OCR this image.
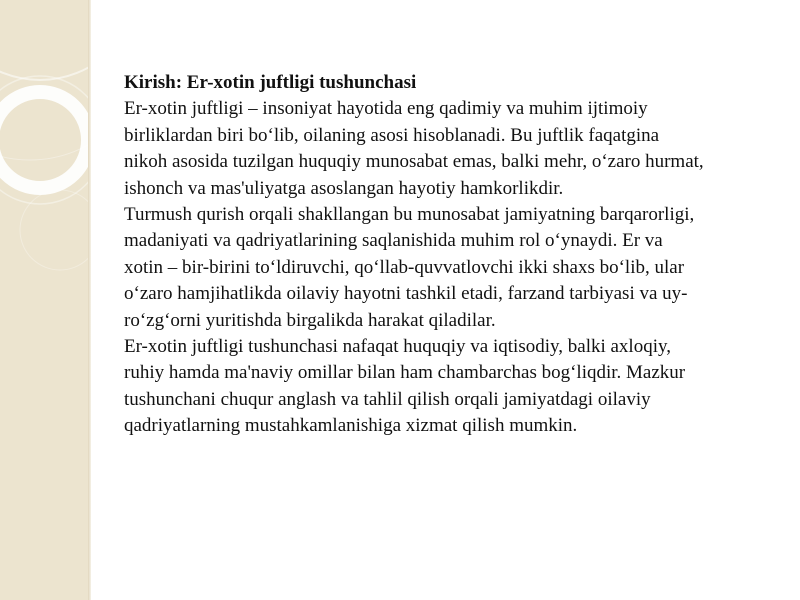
Kirish: Er-xotin juftligi tushunchasi

Er-xotin juftligi – insoniyat hayotida eng qadimiy va muhim ijtimoiy birliklardan biri bo‘lib, oilaning asosi hisoblanadi. Bu juftlik faqatgina nikoh asosida tuzilgan huquqiy munosabat emas, balki mehr, o‘zaro hurmat, ishonch va mas'uliyatga asoslangan hayotiy hamkorlikdir.

Turmush qurish orqali shakllangan bu munosabat jamiyatning barqarorligi, madaniyati va qadriyatlarining saqlanishida muhim rol o‘ynaydi. Er va xotin – bir-birini to‘ldiruvchi, qo‘llab-quvvatlovchi ikki shaxs bo‘lib, ular o‘zaro hamjihatlikda oilaviy hayotni tashkil etadi, farzand tarbiyasi va uy-ro‘zg‘orni yuritishda birgalikda harakat qiladilar.

Er-xotin juftligi tushunchasi nafaqat huquqiy va iqtisodiy, balki axloqiy, ruhiy hamda ma'naviy omillar bilan ham chambarchas bog‘liqdir. Mazkur tushunchani chuqur anglash va tahlil qilish orqali jamiyatdagi oilaviy qadriyatlarning mustahkamlanishiga xizmat qilish mumkin.
